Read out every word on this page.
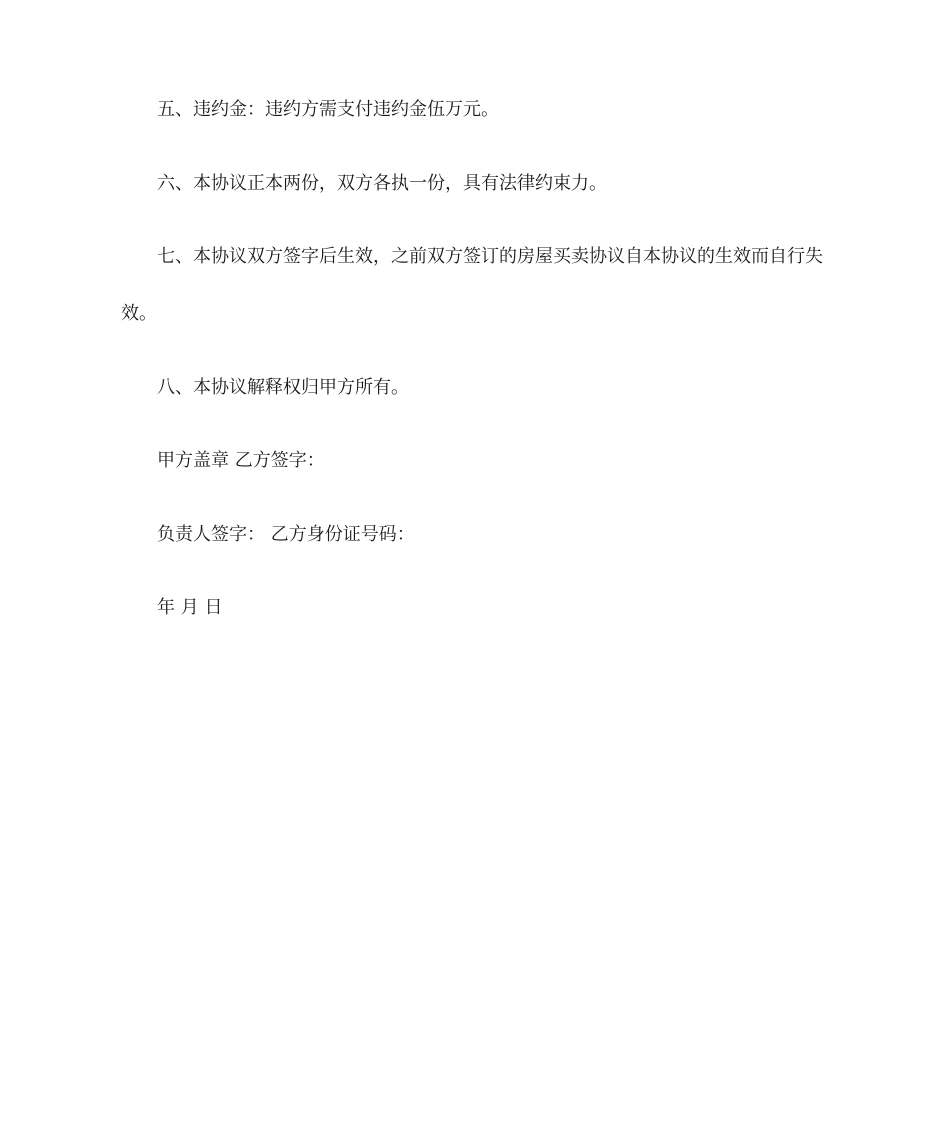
五、违约金：违约方需支付违约金伍万元。
六、本协议正本两份，双方各执一份，具有法律约束力。
七、本协议双方签字后生效，之前双方签订的房屋买卖协议自本协议的生效而自行失
效。
八、本协议解释权归甲方所有。
甲方盖章 乙方签字：
负责人签字： 乙方身份证号码：
年 月 日
